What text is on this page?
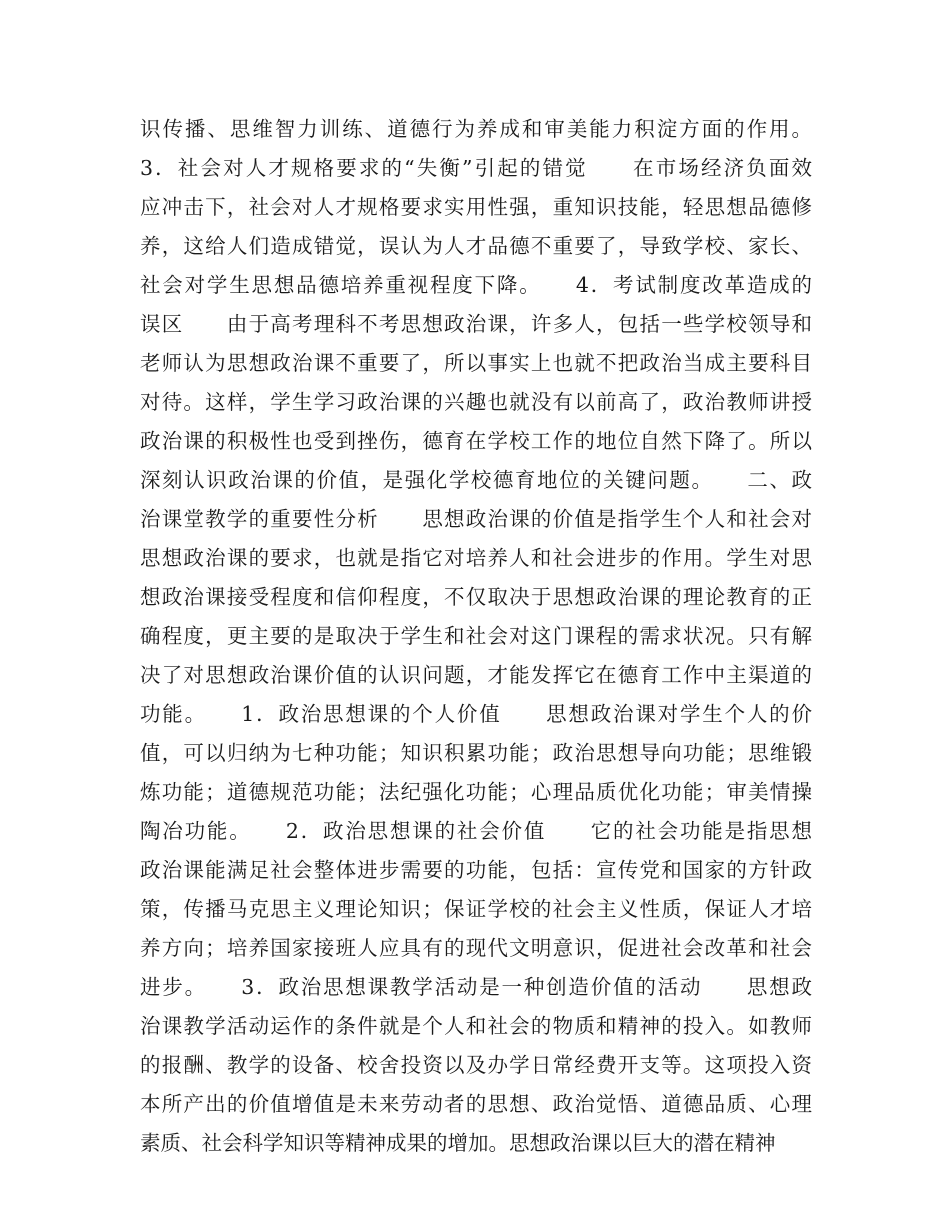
识传播、思维智力训练、道德行为养成和审美能力积淀方面的作用。
3．社会对人才规格要求的“失衡”引起的错觉　　在市场经济负面效
应冲击下，社会对人才规格要求实用性强，重知识技能，轻思想品德修
养，这给人们造成错觉，误认为人才品德不重要了，导致学校、家长、
社会对学生思想品德培养重视程度下降。　　4．考试制度改革造成的
误区　　由于高考理科不考思想政治课，许多人，包括一些学校领导和
老师认为思想政治课不重要了，所以事实上也就不把政治当成主要科目
对待。这样，学生学习政治课的兴趣也就没有以前高了，政治教师讲授
政治课的积极性也受到挫伤，德育在学校工作的地位自然下降了。所以
深刻认识政治课的价值，是强化学校德育地位的关键问题。　　二、政
治课堂教学的重要性分析　　思想政治课的价值是指学生个人和社会对
思想政治课的要求，也就是指它对培养人和社会进步的作用。学生对思
想政治课接受程度和信仰程度，不仅取决于思想政治课的理论教育的正
确程度，更主要的是取决于学生和社会对这门课程的需求状况。只有解
决了对思想政治课价值的认识问题，才能发挥它在德育工作中主渠道的
功能。　　1．政治思想课的个人价值　　思想政治课对学生个人的价
值，可以归纳为七种功能；知识积累功能；政治思想导向功能；思维锻
炼功能；道德规范功能；法纪强化功能；心理品质优化功能；审美情操
陶冶功能。　　2．政治思想课的社会价值　　它的社会功能是指思想
政治课能满足社会整体进步需要的功能，包括：宣传党和国家的方针政
策，传播马克思主义理论知识；保证学校的社会主义性质，保证人才培
养方向；培养国家接班人应具有的现代文明意识，促进社会改革和社会
进步。　　3．政治思想课教学活动是一种创造价值的活动　　思想政
治课教学活动运作的条件就是个人和社会的物质和精神的投入。如教师
的报酬、教学的设备、校舍投资以及办学日常经费开支等。这项投入资
本所产出的价值增值是未来劳动者的思想、政治觉悟、道德品质、心理
素质、社会科学知识等精神成果的增加。思想政治课以巨大的潜在精神
